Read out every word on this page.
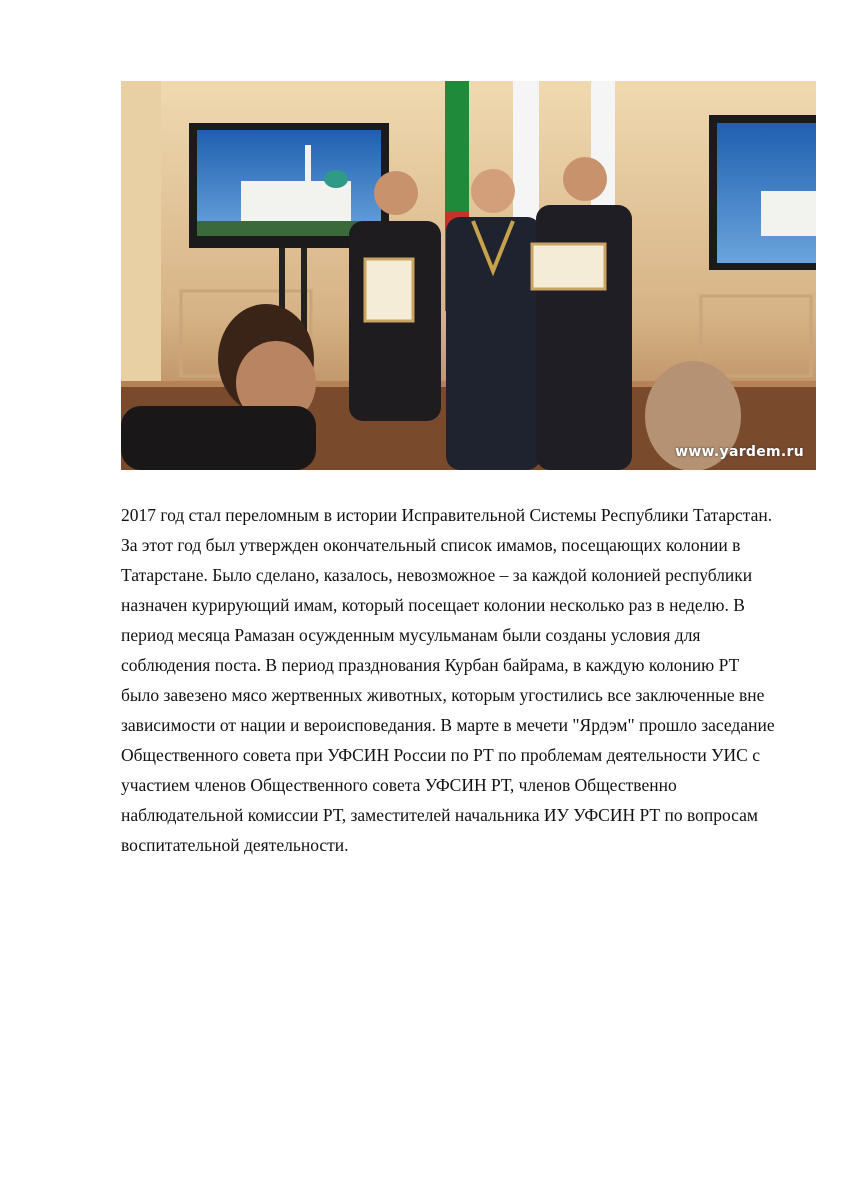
www.yardem.ru
2017 год стал переломным в истории Исправительной Системы Республики Татарстан.
За этот год был утвержден окончательный список имамов, посещающих колонии в
Татарстане. Было сделано, казалось, невозможное – за каждой колонией республики
назначен курирующий имам, который посещает колонии несколько раз в неделю. В
период месяца Рамазан осужденным мусульманам были созданы условия для
соблюдения поста. В период празднования Курбан байрама, в каждую колонию РТ
было завезено мясо жертвенных животных, которым угостились все заключенные вне
зависимости от нации и вероисповедания. В марте в мечети "Ярдэм" прошло заседание
Общественного совета при УФСИН России по РТ по проблемам деятельности УИС с
участием членов Общественного совета УФСИН РТ, членов Общественно
наблюдательной комиссии РТ, заместителей начальника ИУ УФСИН РТ по вопросам
воспитательной деятельности.
